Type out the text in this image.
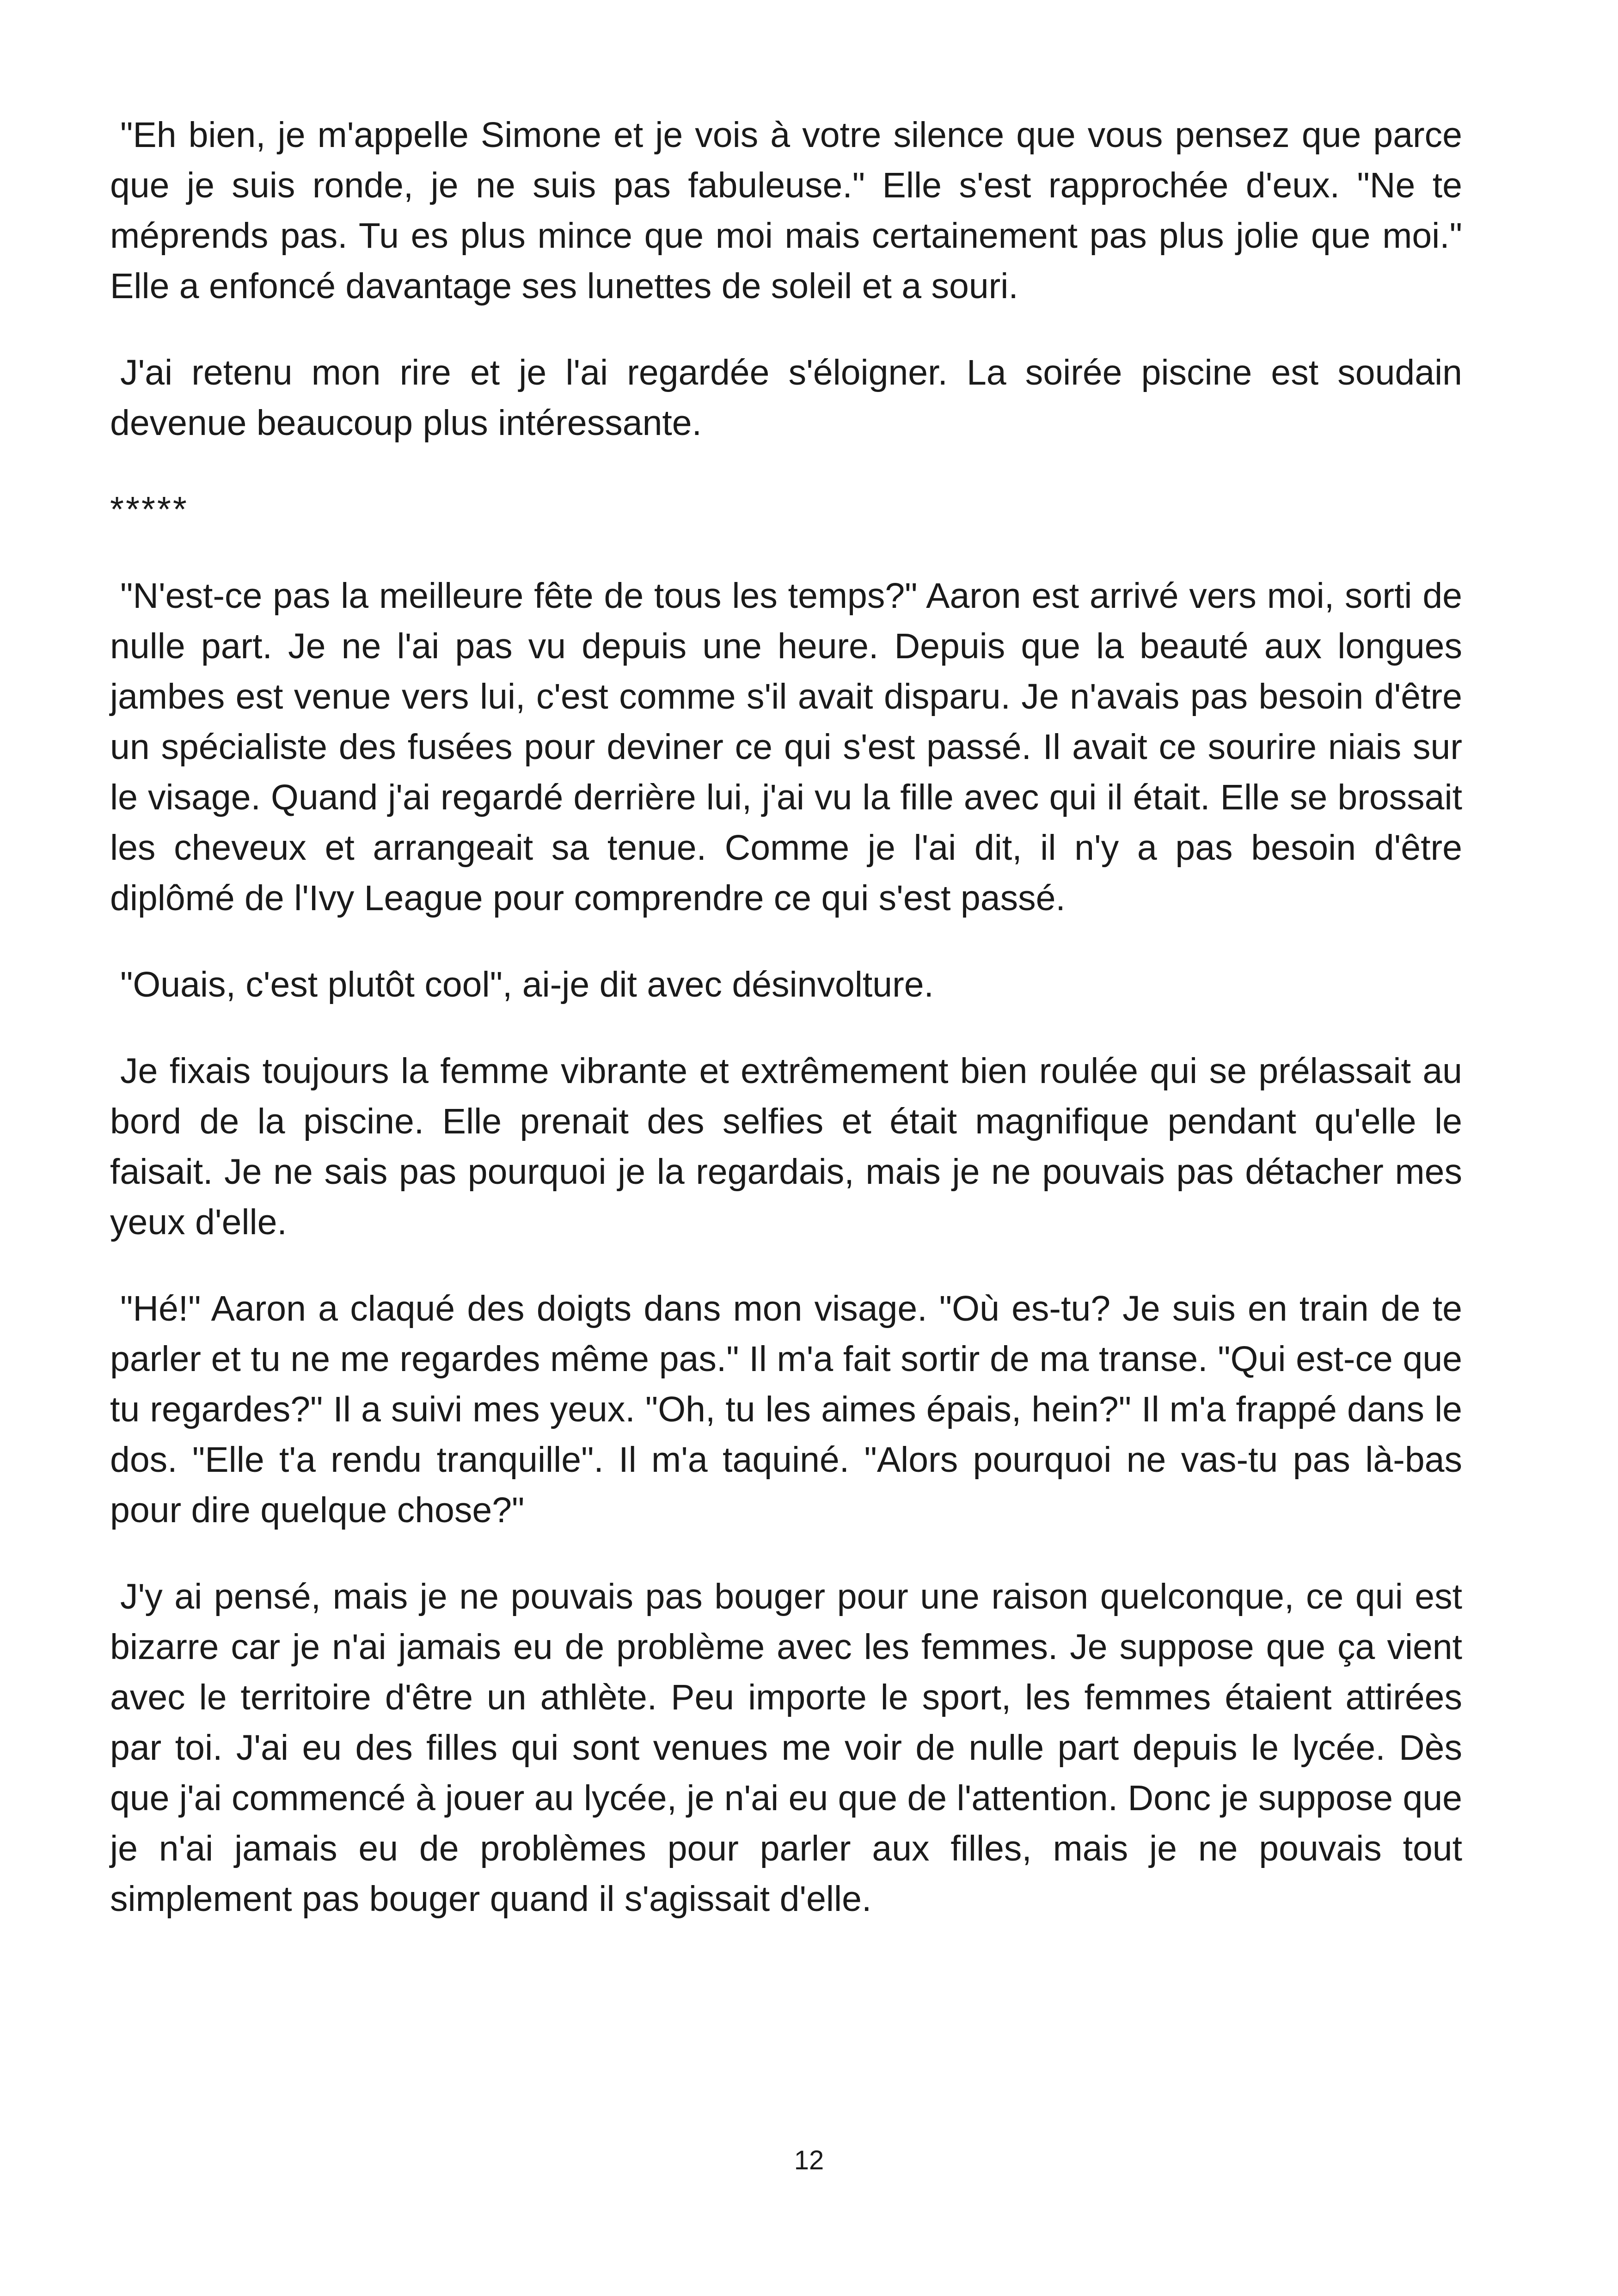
"Eh bien, je m'appelle Simone et je vois à votre silence que vous pensez que parce que je suis ronde, je ne suis pas fabuleuse." Elle s'est rapprochée d'eux. "Ne te méprends pas. Tu es plus mince que moi mais certainement pas plus jolie que moi." Elle a enfoncé davantage ses lunettes de soleil et a souri.

J'ai retenu mon rire et je l'ai regardée s'éloigner. La soirée piscine est soudain devenue beaucoup plus intéressante.

*****

"N'est-ce pas la meilleure fête de tous les temps?" Aaron est arrivé vers moi, sorti de nulle part. Je ne l'ai pas vu depuis une heure. Depuis que la beauté aux longues jambes est venue vers lui, c'est comme s'il avait disparu. Je n'avais pas besoin d'être un spécialiste des fusées pour deviner ce qui s'est passé. Il avait ce sourire niais sur le visage. Quand j'ai regardé derrière lui, j'ai vu la fille avec qui il était. Elle se brossait les cheveux et arrangeait sa tenue. Comme je l'ai dit, il n'y a pas besoin d'être diplômé de l'Ivy League pour comprendre ce qui s'est passé.

"Ouais, c'est plutôt cool", ai-je dit avec désinvolture.

Je fixais toujours la femme vibrante et extrêmement bien roulée qui se prélassait au bord de la piscine. Elle prenait des selfies et était magnifique pendant qu'elle le faisait. Je ne sais pas pourquoi je la regardais, mais je ne pouvais pas détacher mes yeux d'elle.

"Hé!" Aaron a claqué des doigts dans mon visage. "Où es-tu? Je suis en train de te parler et tu ne me regardes même pas." Il m'a fait sortir de ma transe. "Qui est-ce que tu regardes?" Il a suivi mes yeux. "Oh, tu les aimes épais, hein?" Il m'a frappé dans le dos. "Elle t'a rendu tranquille". Il m'a taquiné. "Alors pourquoi ne vas-tu pas là-bas pour dire quelque chose?"

J'y ai pensé, mais je ne pouvais pas bouger pour une raison quelconque, ce qui est bizarre car je n'ai jamais eu de problème avec les femmes. Je suppose que ça vient avec le territoire d'être un athlète. Peu importe le sport, les femmes étaient attirées par toi. J'ai eu des filles qui sont venues me voir de nulle part depuis le lycée. Dès que j'ai commencé à jouer au lycée, je n'ai eu que de l'attention. Donc je suppose que je n'ai jamais eu de problèmes pour parler aux filles, mais je ne pouvais tout simplement pas bouger quand il s'agissait d'elle.

12
